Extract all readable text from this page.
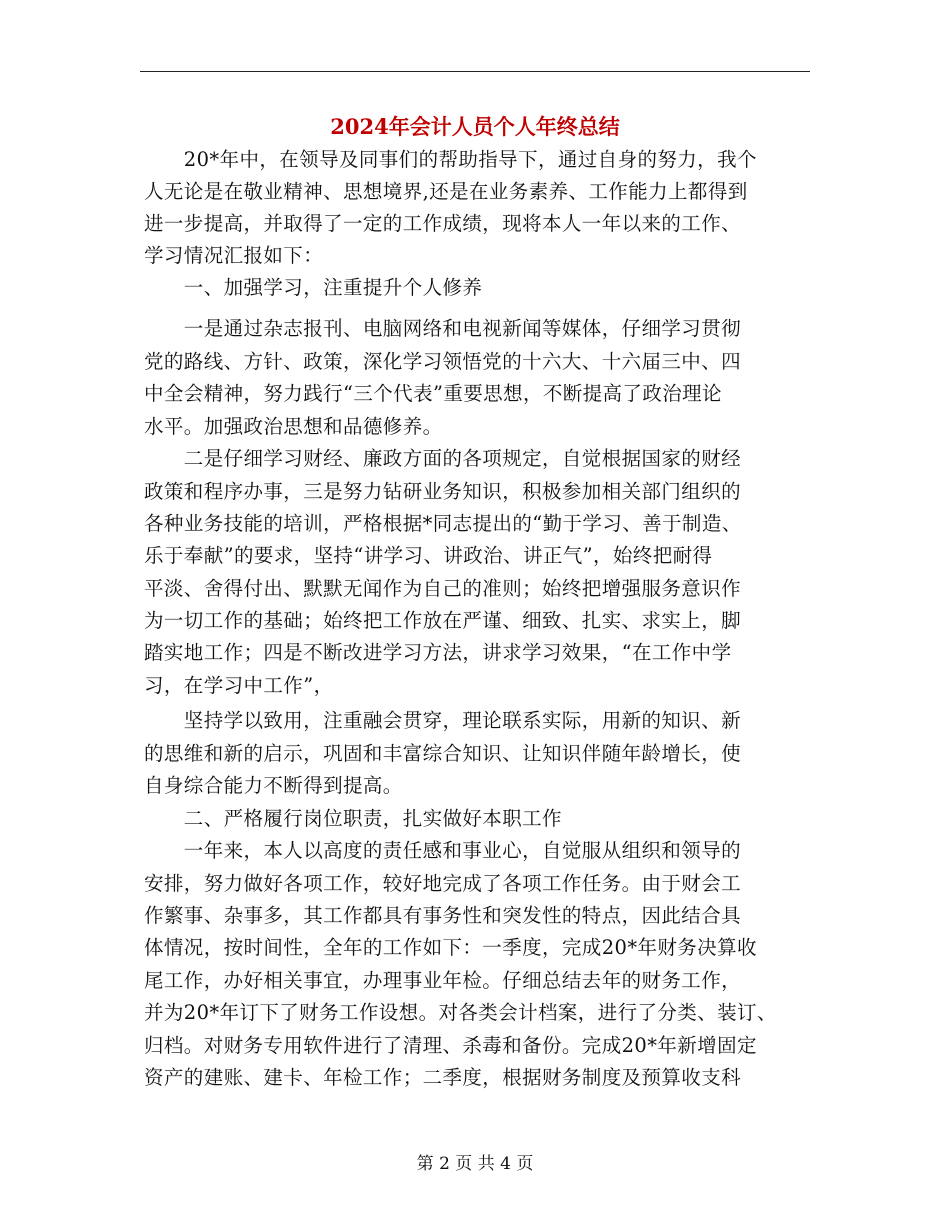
2024年会计人员个人年终总结
　　20*年中，在领导及同事们的帮助指导下，通过自身的努力，我个
人无论是在敬业精神、思想境界,还是在业务素养、工作能力上都得到
进一步提高，并取得了一定的工作成绩，现将本人一年以来的工作、
学习情况汇报如下：
　　一、加强学习，注重提升个人修养
　　一是通过杂志报刊、电脑网络和电视新闻等媒体，仔细学习贯彻
党的路线、方针、政策，深化学习领悟党的十六大、十六届三中、四
中全会精神，努力践行“三个代表”重要思想，不断提高了政治理论
水平。加强政治思想和品德修养。
　　二是仔细学习财经、廉政方面的各项规定，自觉根据国家的财经
政策和程序办事，三是努力钻研业务知识，积极参加相关部门组织的
各种业务技能的培训，严格根据*同志提出的“勤于学习、善于制造、
乐于奉献”的要求，坚持“讲学习、讲政治、讲正气”，始终把耐得
平淡、舍得付出、默默无闻作为自己的准则；始终把增强服务意识作
为一切工作的基础；始终把工作放在严谨、细致、扎实、求实上，脚
踏实地工作；四是不断改进学习方法，讲求学习效果，“在工作中学
习，在学习中工作”，
　　坚持学以致用，注重融会贯穿，理论联系实际，用新的知识、新
的思维和新的启示，巩固和丰富综合知识、让知识伴随年龄增长，使
自身综合能力不断得到提高。
　　二、严格履行岗位职责，扎实做好本职工作
　　一年来，本人以高度的责任感和事业心，自觉服从组织和领导的
安排，努力做好各项工作，较好地完成了各项工作任务。由于财会工
作繁事、杂事多，其工作都具有事务性和突发性的特点，因此结合具
体情况，按时间性，全年的工作如下：一季度，完成20*年财务决算收
尾工作，办好相关事宜，办理事业年检。仔细总结去年的财务工作，
并为20*年订下了财务工作设想。对各类会计档案，进行了分类、装订、
归档。对财务专用软件进行了清理、杀毒和备份。完成20*年新增固定
资产的建账、建卡、年检工作；二季度，根据财务制度及预算收支科
第 2 页 共 4 页
